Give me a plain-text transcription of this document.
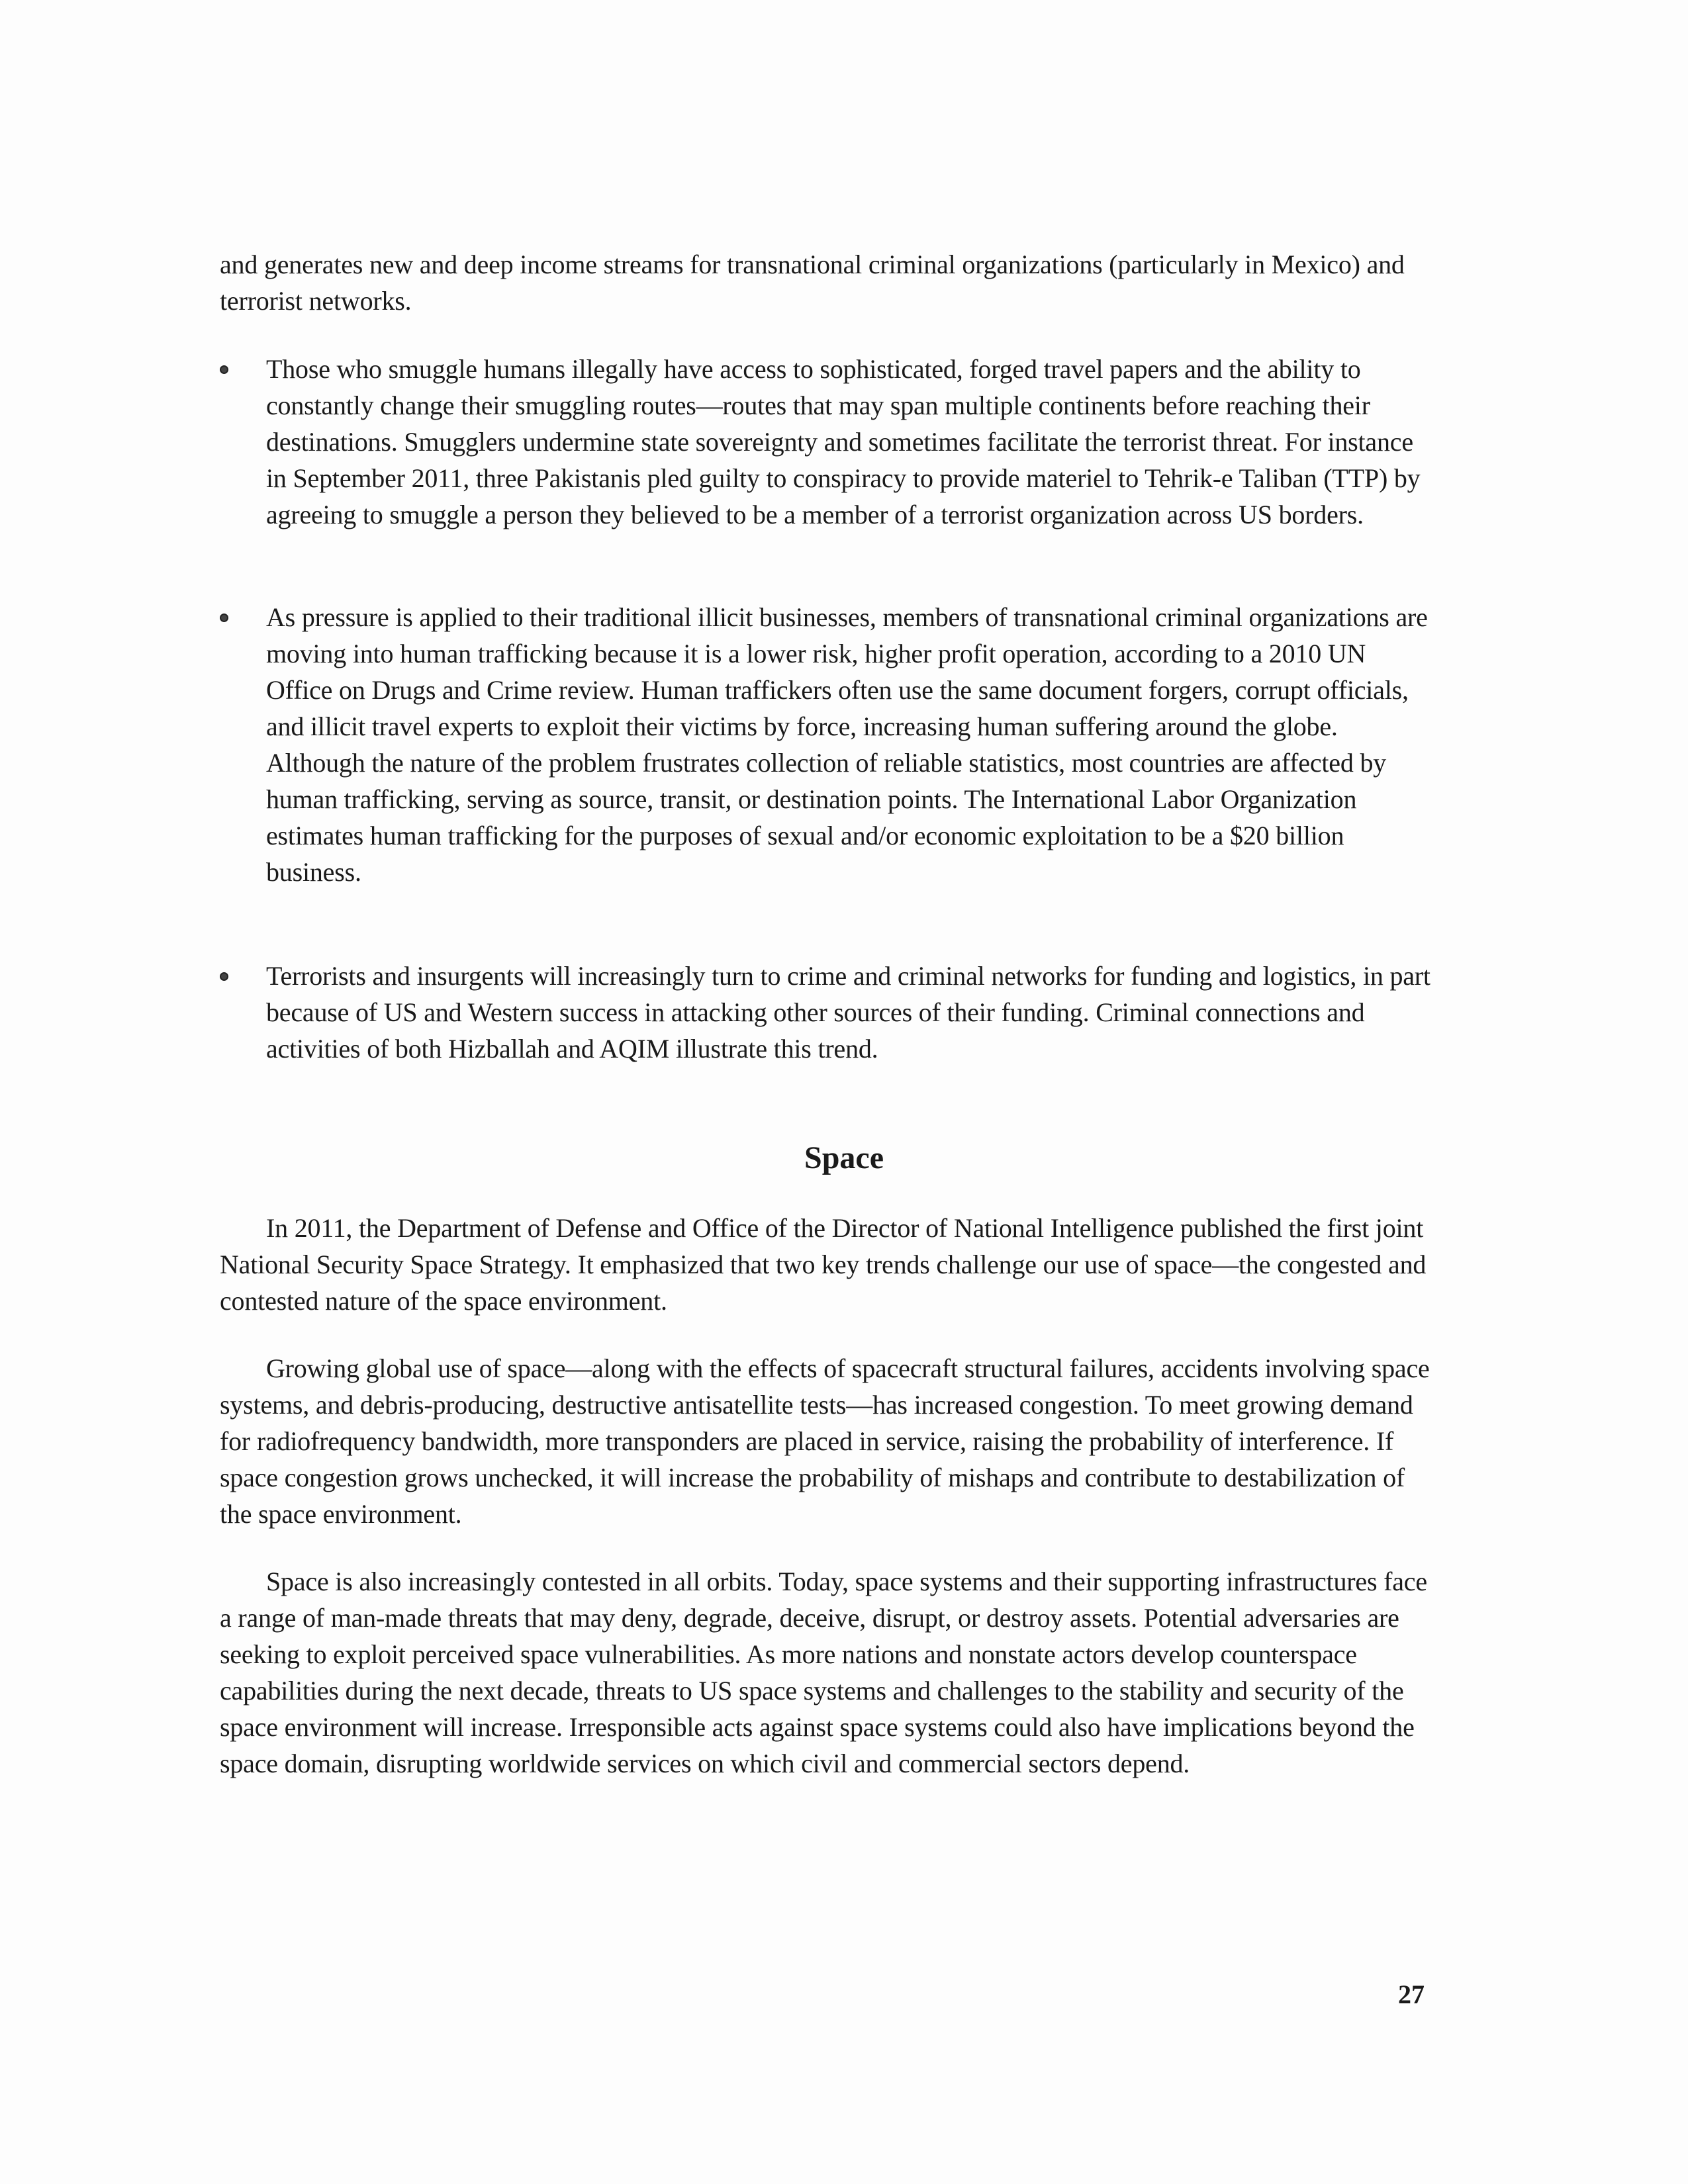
and generates new and deep income streams for transnational criminal organizations (particularly in Mexico) and terrorist networks.
Those who smuggle humans illegally have access to sophisticated, forged travel papers and the ability to constantly change their smuggling routes—routes that may span multiple continents before reaching their destinations. Smugglers undermine state sovereignty and sometimes facilitate the terrorist threat. For instance in September 2011, three Pakistanis pled guilty to conspiracy to provide materiel to Tehrik-e Taliban (TTP) by agreeing to smuggle a person they believed to be a member of a terrorist organization across US borders.
As pressure is applied to their traditional illicit businesses, members of transnational criminal organizations are moving into human trafficking because it is a lower risk, higher profit operation, according to a 2010 UN Office on Drugs and Crime review. Human traffickers often use the same document forgers, corrupt officials, and illicit travel experts to exploit their victims by force, increasing human suffering around the globe. Although the nature of the problem frustrates collection of reliable statistics, most countries are affected by human trafficking, serving as source, transit, or destination points. The International Labor Organization estimates human trafficking for the purposes of sexual and/or economic exploitation to be a $20 billion business.
Terrorists and insurgents will increasingly turn to crime and criminal networks for funding and logistics, in part because of US and Western success in attacking other sources of their funding. Criminal connections and activities of both Hizballah and AQIM illustrate this trend.
Space
In 2011, the Department of Defense and Office of the Director of National Intelligence published the first joint National Security Space Strategy. It emphasized that two key trends challenge our use of space—the congested and contested nature of the space environment.
Growing global use of space—along with the effects of spacecraft structural failures, accidents involving space systems, and debris-producing, destructive antisatellite tests—has increased congestion. To meet growing demand for radiofrequency bandwidth, more transponders are placed in service, raising the probability of interference. If space congestion grows unchecked, it will increase the probability of mishaps and contribute to destabilization of the space environment.
Space is also increasingly contested in all orbits. Today, space systems and their supporting infrastructures face a range of man-made threats that may deny, degrade, deceive, disrupt, or destroy assets. Potential adversaries are seeking to exploit perceived space vulnerabilities. As more nations and nonstate actors develop counterspace capabilities during the next decade, threats to US space systems and challenges to the stability and security of the space environment will increase. Irresponsible acts against space systems could also have implications beyond the space domain, disrupting worldwide services on which civil and commercial sectors depend.
27
